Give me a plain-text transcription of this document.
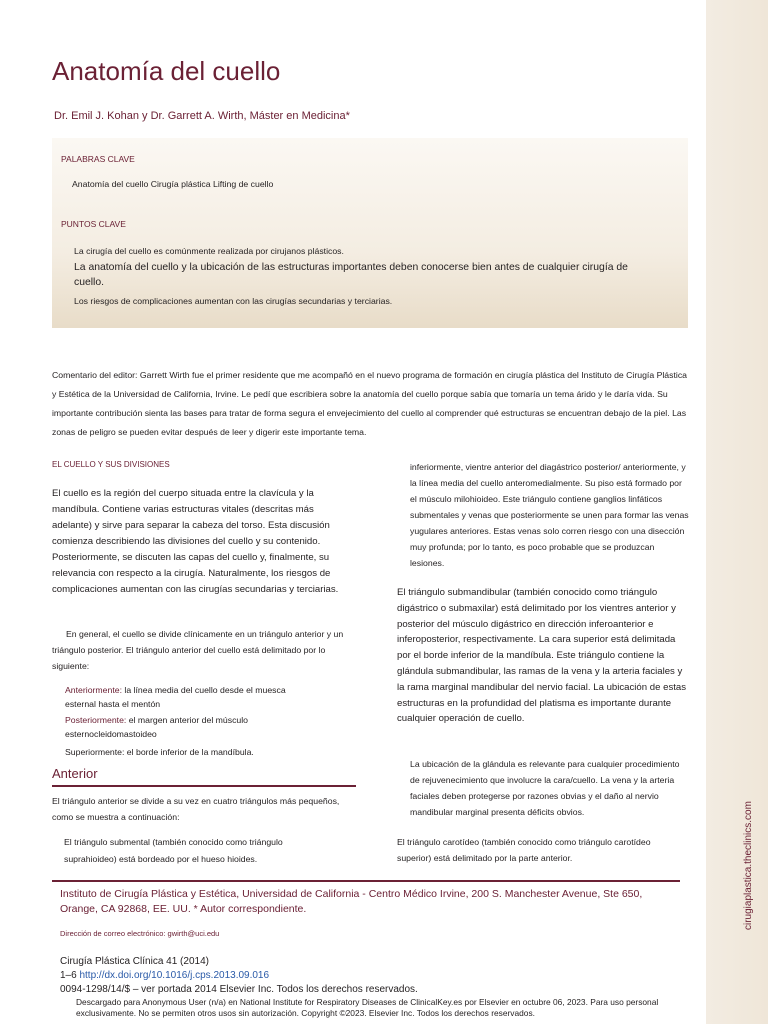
cirugiaplastica.theclinics.com
Anatomía del cuello
Dr. Emil J. Kohan y Dr. Garrett A. Wirth, Máster en Medicina*
PALABRAS CLAVE
Anatomía del cuello Cirugía plástica Lifting de cuello
PUNTOS CLAVE
La cirugía del cuello es comúnmente realizada por cirujanos plásticos.
La anatomía del cuello y la ubicación de las estructuras importantes deben conocerse bien antes de cualquier cirugía de
cuello.
Los riesgos de complicaciones aumentan con las cirugías secundarias y terciarias.
Comentario del editor: Garrett Wirth fue el primer residente que me acompañó en el nuevo programa de formación en cirugía plástica del Instituto de Cirugía Plástica y Estética de la Universidad de California, Irvine. Le pedí que escribiera sobre la anatomía del cuello porque sabía que tomaría un tema árido y le daría vida. Su importante contribución sienta las bases para tratar de forma segura el envejecimiento del cuello al comprender qué estructuras se encuentran debajo de la piel. Las zonas de peligro se pueden evitar después de leer y digerir este importante tema.
EL CUELLO Y SUS DIVISIONES

El cuello es la región del cuerpo situada entre la clavícula y la mandíbula. Contiene varias estructuras vitales (descritas más adelante) y sirve para separar la cabeza del torso. Esta discusión comienza describiendo las divisiones del cuello y su contenido. Posteriormente, se discuten las capas del cuello y, finalmente, su relevancia con respecto a la cirugía. Naturalmente, los riesgos de complicaciones aumentan con las cirugías secundarias y terciarias.

En general, el cuello se divide clínicamente en un triángulo anterior y un triángulo posterior. El triángulo anterior del cuello está delimitado por lo siguiente:

Anteriormente: la línea media del cuello desde el muesca esternal hasta el mentón
Posteriormente: el margen anterior del músculo esternocleidomastoideo
Superiormente: el borde inferior de la mandíbula.
Anterior

El triángulo anterior se divide a su vez en cuatro triángulos más pequeños, como se muestra a continuación:

El triángulo submental (también conocido como triángulo suprahioideo) está bordeado por el hueso hioides.

inferiormente, vientre anterior del diagástrico posterior/ anteriormente, y la línea media del cuello anteromedialmente. Su piso está formado por el músculo milohioideo. Este triángulo contiene ganglios linfáticos submentales y venas que posteriormente se unen para formar las venas yugulares anteriores. Estas venas solo corren riesgo con una disección muy profunda; por lo tanto, es poco probable que se produzcan lesiones.

El triángulo submandibular (también conocido como triángulo digástrico o submaxilar) está delimitado por los vientres anterior y posterior del músculo digástrico en dirección inferoanterior e inferoposterior, respectivamente. La cara superior está delimitada por el borde inferior de la mandíbula. Este triángulo contiene la glándula submandibular, las ramas de la vena y la arteria faciales y la rama marginal mandibular del nervio facial. La ubicación de estas estructuras en la profundidad del platisma es importante durante cualquier operación de cuello.

La ubicación de la glándula es relevante para cualquier procedimiento de rejuvenecimiento que involucre la cara/cuello. La vena y la arteria faciales deben protegerse por razones obvias y el daño al nervio mandibular marginal presenta déficits obvios.

El triángulo carotídeo (también conocido como triángulo carotídeo superior) está delimitado por la parte anterior.

Instituto de Cirugía Plástica y Estética, Universidad de California - Centro Médico Irvine, 200 S. Manchester Avenue, Ste 650, Orange, CA 92868, EE. UU. * Autor correspondiente.
Dirección de correo electrónico: gwirth@uci.edu
Cirugía Plástica Clínica 41 (2014)
1–6 http://dx.doi.org/10.1016/j.cps.2013.09.016
0094-1298/14/$ – ver portada 2014 Elsevier Inc. Todos los derechos reservados.
Descargado para Anonymous User (n/a) en National Institute for Respiratory Diseases de ClinicalKey.es por Elsevier en octubre 06, 2023. Para uso personal exclusivamente. No se permiten otros usos sin autorización. Copyright ©2023. Elsevier Inc. Todos los derechos reservados.
